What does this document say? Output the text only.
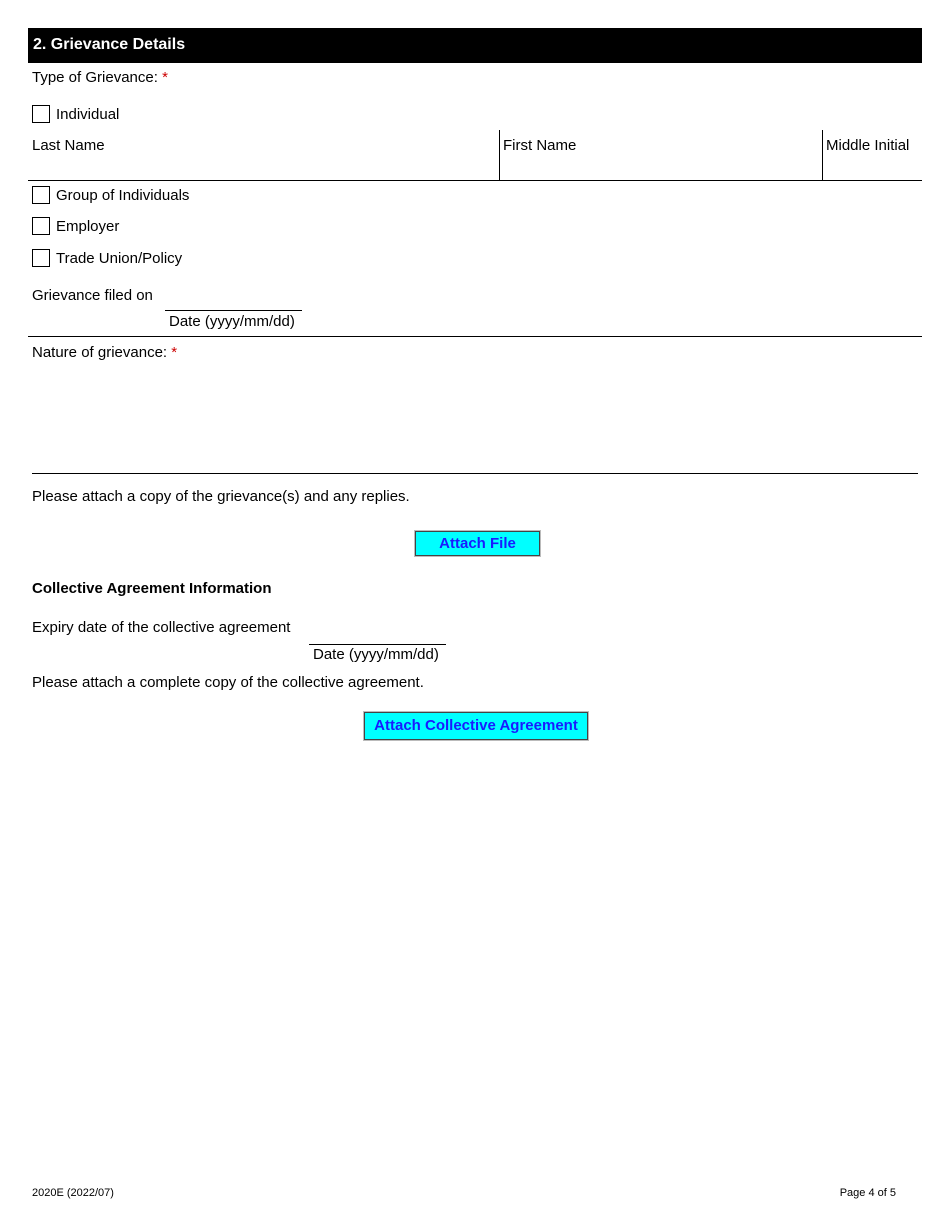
2. Grievance Details
Type of Grievance: *
Individual
Last Name	First Name	Middle Initial
Group of Individuals
Employer
Trade Union/Policy
Grievance filed on
Date (yyyy/mm/dd)
Nature of grievance: *
Please attach a copy of the grievance(s) and any replies.
Attach File
Collective Agreement Information
Expiry date of the collective agreement
Date (yyyy/mm/dd)
Please attach a complete copy of the collective agreement.
Attach Collective Agreement
2020E (2022/07)	Page 4 of 5
